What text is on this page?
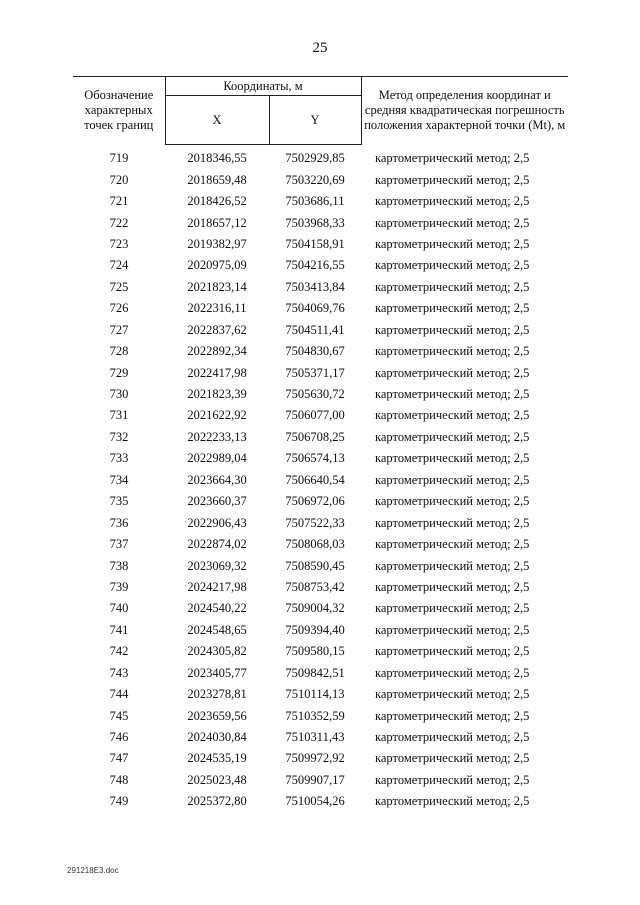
25
Обозначение характерных точек границ	Координаты, м		Метод определения координат и средняя квадратическая погрешность положения характерной точки (Mt), м
	X	Y	
719	2018346,55	7502929,85	картометрический метод; 2,5
720	2018659,48	7503220,69	картометрический метод; 2,5
721	2018426,52	7503686,11	картометрический метод; 2,5
722	2018657,12	7503968,33	картометрический метод; 2,5
723	2019382,97	7504158,91	картометрический метод; 2,5
724	2020975,09	7504216,55	картометрический метод; 2,5
725	2021823,14	7503413,84	картометрический метод; 2,5
726	2022316,11	7504069,76	картометрический метод; 2,5
727	2022837,62	7504511,41	картометрический метод; 2,5
728	2022892,34	7504830,67	картометрический метод; 2,5
729	2022417,98	7505371,17	картометрический метод; 2,5
730	2021823,39	7505630,72	картометрический метод; 2,5
731	2021622,92	7506077,00	картометрический метод; 2,5
732	2022233,13	7506708,25	картометрический метод; 2,5
733	2022989,04	7506574,13	картометрический метод; 2,5
734	2023664,30	7506640,54	картометрический метод; 2,5
735	2023660,37	7506972,06	картометрический метод; 2,5
736	2022906,43	7507522,33	картометрический метод; 2,5
737	2022874,02	7508068,03	картометрический метод; 2,5
738	2023069,32	7508590,45	картометрический метод; 2,5
739	2024217,98	7508753,42	картометрический метод; 2,5
740	2024540,22	7509004,32	картометрический метод; 2,5
741	2024548,65	7509394,40	картометрический метод; 2,5
742	2024305,82	7509580,15	картометрический метод; 2,5
743	2023405,77	7509842,51	картометрический метод; 2,5
744	2023278,81	7510114,13	картометрический метод; 2,5
745	2023659,56	7510352,59	картометрический метод; 2,5
746	2024030,84	7510311,43	картометрический метод; 2,5
747	2024535,19	7509972,92	картометрический метод; 2,5
748	2025023,48	7509907,17	картометрический метод; 2,5
749	2025372,80	7510054,26	картометрический метод; 2,5
291218E3.doc
